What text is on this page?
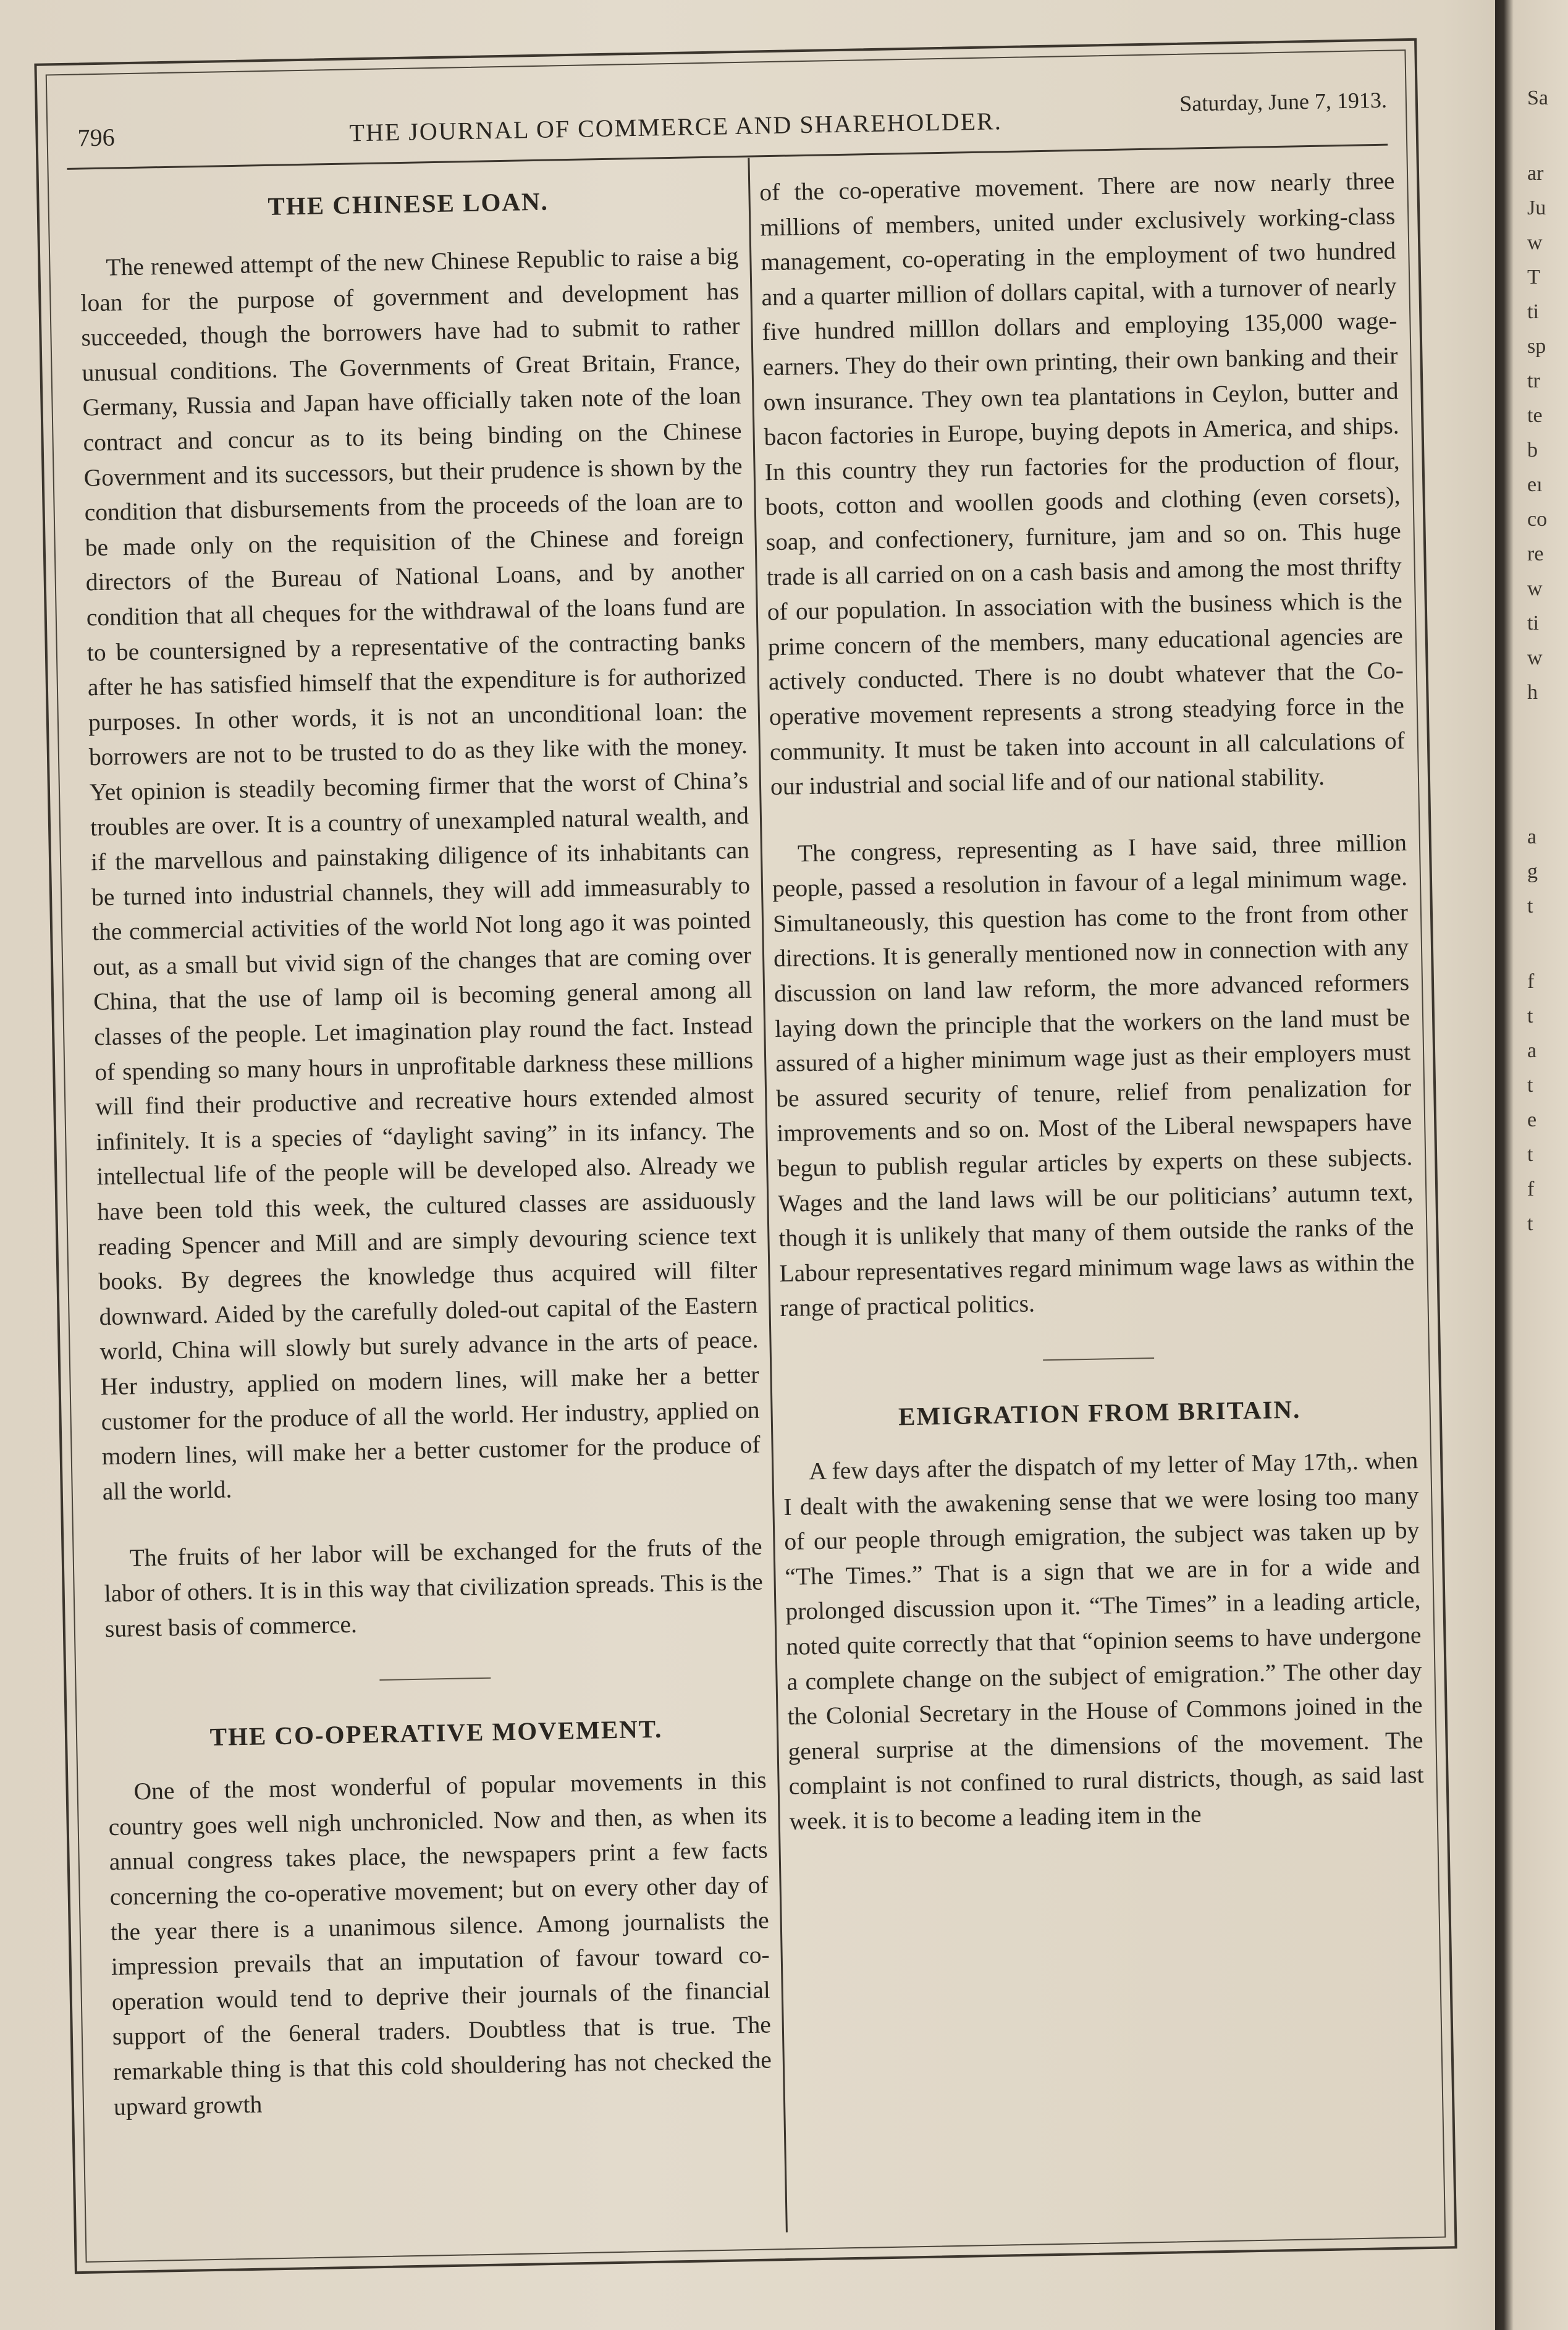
Sa
ar
Ju
w
T
ti
sp
tr
te
b
eı
co
re
w
ti
w
h
a
g
t
f
t
a
t
e
t
f
t
796	THE JOURNAL OF COMMERCE AND SHAREHOLDER.
Saturday, June 7, 1913.
THE CHINESE LOAN.

The renewed attempt of the new Chinese Republic to raise a big loan for the purpose of government and development has succeeded, though the borrowers have had to submit to rather unusual conditions. The Governments of Great Britain, France, Germany, Russia and Japan have officially taken note of the loan contract and concur as to its being binding on the Chinese Government and its successors, but their prudence is shown by the condition that disbursements from the proceeds of the loan are to be made only on the requisition of the Chinese and foreign directors of the Bureau of National Loans, and by another condition that all cheques for the withdrawal of the loans fund are to be countersigned by a representative of the contracting banks after he has satisfied himself that the expenditure is for authorized purposes. In other words, it is not an unconditional loan: the borrowers are not to be trusted to do as they like with the money. Yet opinion is steadily becoming firmer that the worst of China’s troubles are over. It is a country of unexampled natural wealth, and if the marvellous and painstaking diligence of its inhabitants can be turned into industrial channels, they will add immeasurably to the commercial activities of the world Not long ago it was pointed out, as a small but vivid sign of the changes that are coming over China, that the use of lamp oil is becoming general among all classes of the people. Let imagination play round the fact. Instead of spending so many hours in unprofitable darkness these millions will find their productive and recreative hours extended almost infinitely. It is a species of “daylight saving” in its infancy. The intellectual life of the people will be developed also. Already we have been told this week, the cultured classes are assiduously reading Spencer and Mill and are simply devouring science text books. By degrees the knowledge thus acquired will filter downward. Aided by the carefully doled-out capital of the Eastern world, China will slowly but surely advance in the arts of peace. Her industry, applied on modern lines, will make her a better customer for the produce of all the world. Her industry, applied on modern lines, will make her a better customer for the produce of all the world.

The fruits of her labor will be exchanged for the fruts of the labor of others. It is in this way that civilization spreads. This is the surest basis of commerce.

THE CO-OPERATIVE MOVEMENT.

One of the most wonderful of popular movements in this country goes well nigh unchronicled. Now and then, as when its annual congress takes place, the newspapers print a few facts concerning the co-operative movement; but on every other day of the year there is a unanimous silence. Among journalists the impression prevails that an imputation of favour toward co-operation would tend to deprive their journals of the financial support of the 6eneral traders. Doubtless that is true. The remarkable thing is that this cold shouldering has not checked the upward growth

of the co-operative movement. There are now nearly three millions of members, united under exclusively working-class management, co-operating in the employment of two hundred and a quarter million of dollars capital, with a turnover of nearly five hundred milllon dollars and employing 135,000 wage-earners. They do their own printing, their own banking and their own insurance. They own tea plantations in Ceylon, butter and bacon factories in Europe, buying depots in America, and ships. In this country they run factories for the production of flour, boots, cotton and woollen goods and clothing (even corsets), soap, and confectionery, furniture, jam and so on. This huge trade is all carried on on a cash basis and among the most thrifty of our population. In association with the business which is the prime concern of the members, many educational agencies are actively conducted. There is no doubt whatever that the Co-operative movement represents a strong steadying force in the community. It must be taken into account in all calculations of our industrial and social life and of our national stability.

The congress, representing as I have said, three million people, passed a resolution in favour of a legal minimum wage. Simultaneously, this question has come to the front from other directions. It is generally mentioned now in connection with any discussion on land law reform, the more advanced reformers laying down the principle that the workers on the land must be assured of a higher minimum wage just as their employers must be assured security of tenure, relief from penalization for improvements and so on. Most of the Liberal newspapers have begun to publish regular articles by experts on these subjects. Wages and the land laws will be our politicians’ autumn text, though it is unlikely that many of them outside the ranks of the Labour representatives regard minimum wage laws as within the range of practical politics.

EMIGRATION FROM BRITAIN.

A few days after the dispatch of my letter of May 17th,. when I dealt with the awakening sense that we were losing too many of our people through emigration, the subject was taken up by “The Times.” That is a sign that we are in for a wide and prolonged discussion upon it. “The Times” in a leading article, noted quite correctly that that “opinion seems to have undergone a complete change on the subject of emigration.” The other day the Colonial Secretary in the House of Commons joined in the general surprise at the dimensions of the movement. The complaint is not confined to rural districts, though, as said last week. it is to become a leading item in the
